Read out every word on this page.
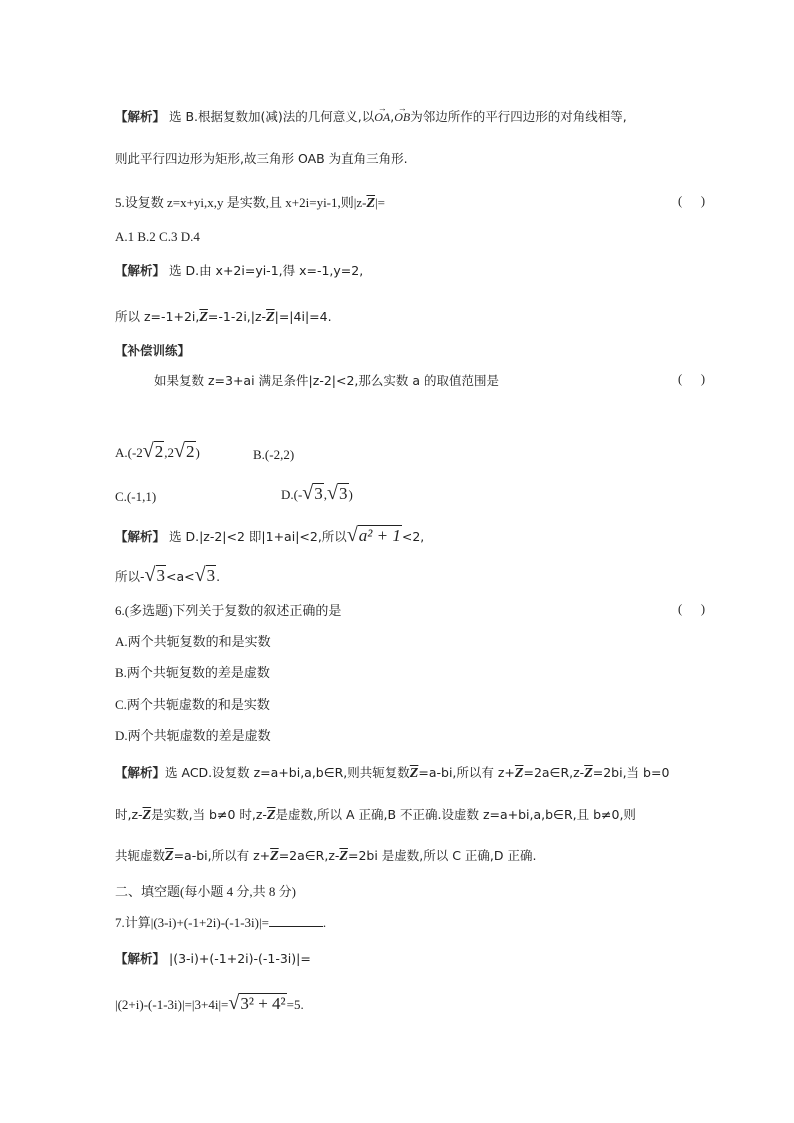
【解析】 选 B.根据复数加(减)法的几何意义,以→ OA,→ OB为邻边所作的平行四边形的对角线相等,
则此平行四边形为矩形,故三角形 OAB 为直角三角形.
5.设复数 z=x+yi,x,y 是实数,且 x+2i=yi-1,则$|z-\overline{Z}|=$	(      )
A.1 B.2 C.3 D.4
【解析】 选 D.由 x+2i=yi-1,得 x=-1,y=2,
所以 $z=-1+2i,\overline{Z}=-1-2i,|z-\overline{Z}|=|4i|=4$.
【补偿训练】
如果复数 z=3+ai 满足条件|z-2|<2,那么实数 a 的取值范围是	(      )
A.(-2√2,2√2)	B.(-2,2)
C.(-1,1)	D.(-√3,√3)
【解析】 选 D.|z-2|<2 即|1+ai|<2,所以√a² + 1<2,
所以-√3<a<√3.
6.(多选题)下列关于复数的叙述正确的是	(      )
A.两个共轭复数的和是实数
B.两个共轭复数的差是虚数
C.两个共轭虚数的和是实数
D.两个共轭虚数的差是虚数
【解析】选 ACD.设复数 z=a+bi,a,b∈R,则共轭复数$\overline{Z}=a-bi$,所以有 $z+\overline{Z}=2a\in R,z-\overline{Z}=2bi$,当 b=0
时$,z-\overline{Z}$是实数,当 b≠0 时$,z-\overline{Z}$是虚数,所以 A 正确,B 不正确.设虚数 z=a+bi,a,b∈R,且 b≠0,则
共轭虚数$\overline{Z}=a-bi$,所以有 $z+\overline{Z}=2a\in R,z-\overline{Z}=2bi$ 是虚数,所以 C 正确,D 正确.
二、填空题(每小题 4 分,共 8 分)
7.计算|(3-i)+(-1+2i)-(-1-3i)|=	.
【解析】 |(3-i)+(-1+2i)-(-1-3i)|=
|(2+i)-(-1-3i)|=|3+4i|=√3² + 4²=5.
